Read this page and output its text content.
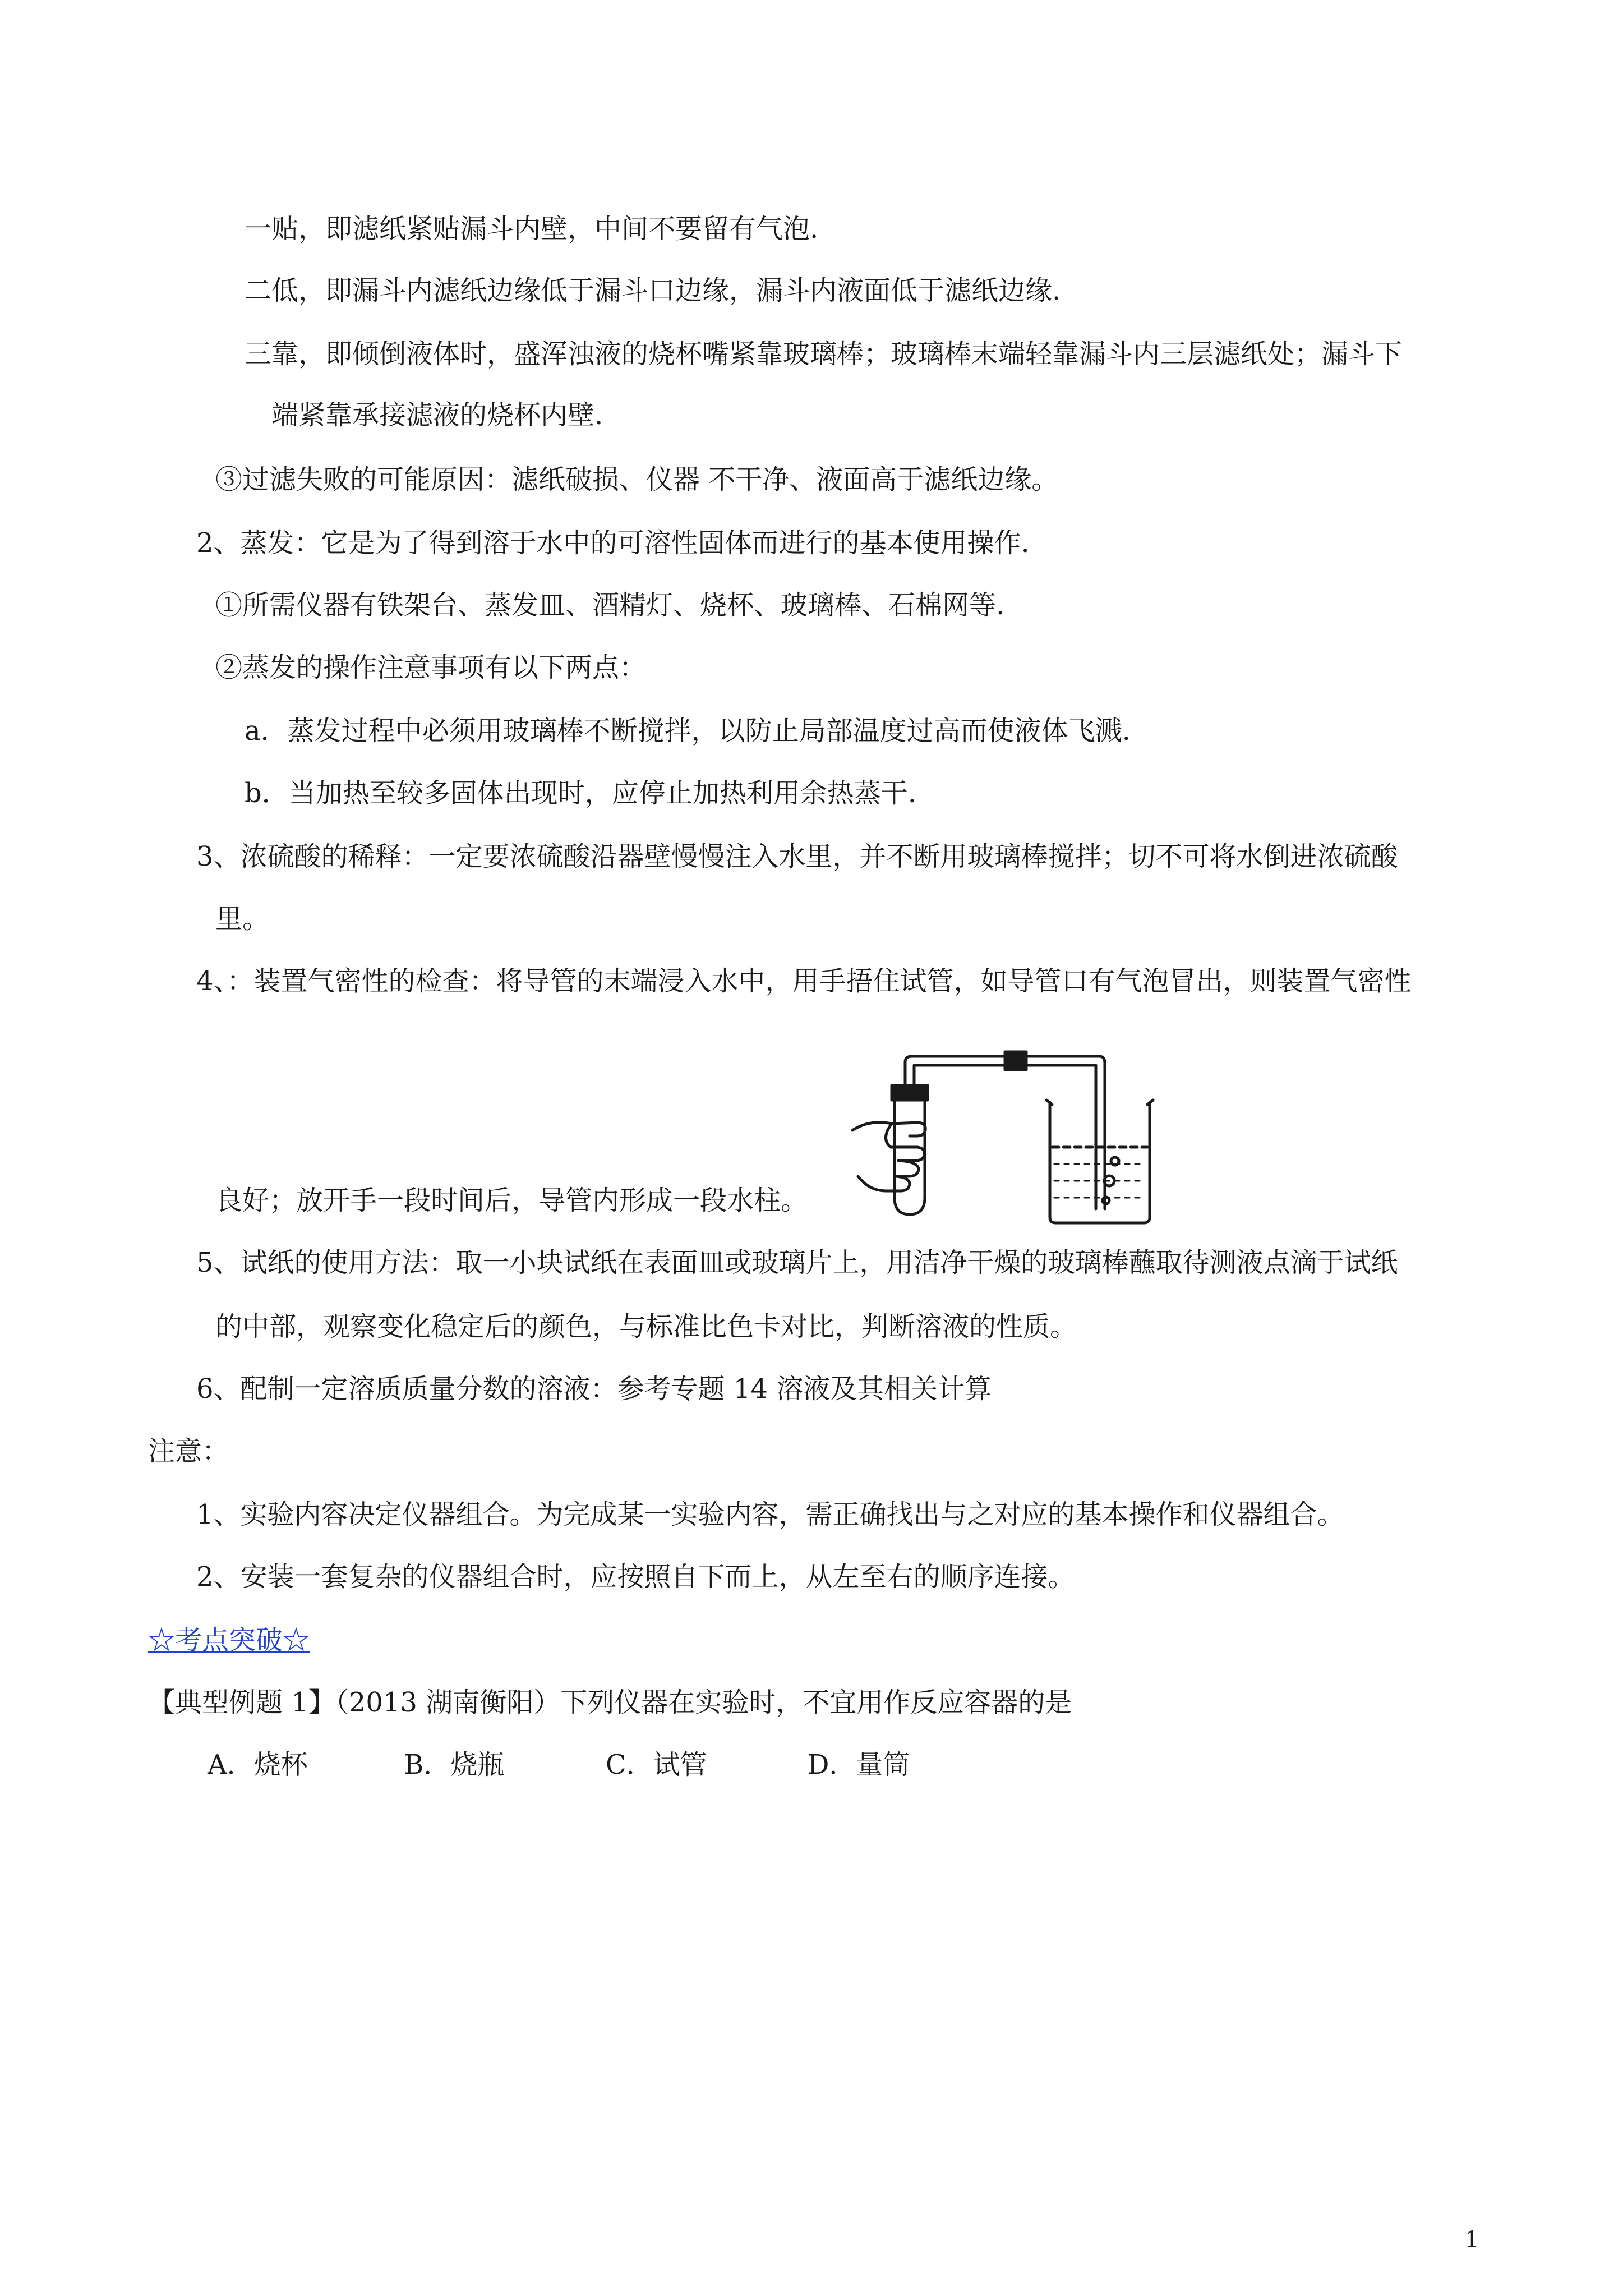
一贴，即滤纸紧贴漏斗内壁，中间不要留有气泡.
二低，即漏斗内滤纸边缘低于漏斗口边缘，漏斗内液面低于滤纸边缘.
三靠，即倾倒液体时，盛浑浊液的烧杯嘴紧靠玻璃棒；玻璃棒末端轻靠漏斗内三层滤纸处；漏斗下
端紧靠承接滤液的烧杯内壁.
③过滤失败的可能原因：滤纸破损、仪器 不干净、液面高于滤纸边缘。
2、蒸发：它是为了得到溶于水中的可溶性固体而进行的基本使用操作.
①所需仪器有铁架台、蒸发皿、酒精灯、烧杯、玻璃棒、石棉网等.
②蒸发的操作注意事项有以下两点：
a．蒸发过程中必须用玻璃棒不断搅拌，以防止局部温度过高而使液体飞溅.
b．当加热至较多固体出现时，应停止加热利用余热蒸干.
3、浓硫酸的稀释：一定要浓硫酸沿器壁慢慢注入水里，并不断用玻璃棒搅拌；切不可将水倒进浓硫酸
里。
4、：装置气密性的检查：将导管的末端浸入水中，用手捂住试管，如导管口有气泡冒出，则装置气密性
良好；放开手一段时间后，导管内形成一段水柱。
5、试纸的使用方法：取一小块试纸在表面皿或玻璃片上，用洁净干燥的玻璃棒蘸取待测液点滴于试纸
的中部，观察变化稳定后的颜色，与标准比色卡对比，判断溶液的性质。
6、配制一定溶质质量分数的溶液：参考专题 14 溶液及其相关计算
注意：
1、实验内容决定仪器组合。为完成某一实验内容，需正确找出与之对应的基本操作和仪器组合。
2、安装一套复杂的仪器组合时，应按照自下而上，从左至右的顺序连接。
☆考点突破☆
【典型例题 1】（2013 湖南衡阳）下列仪器在实验时，不宜用作反应容器的是
A．烧杯	B．烧瓶	C．试管	D．量筒
1
